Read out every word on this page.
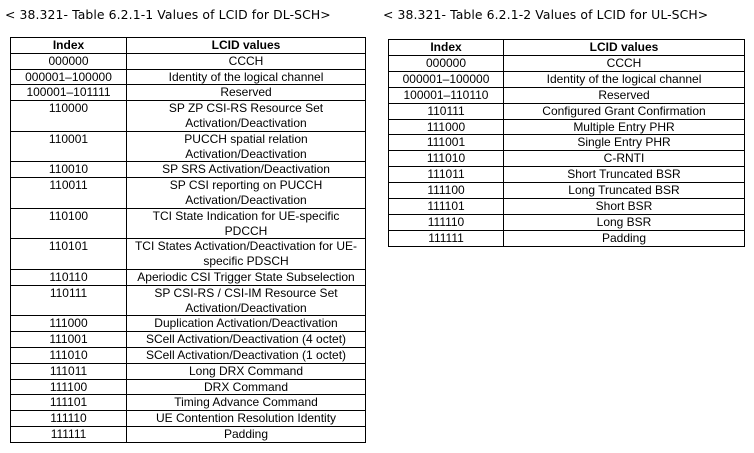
< 38.321- Table 6.2.1-1 Values of LCID for DL-SCH>
Index	LCID values
000000	CCCH
000001–100000	Identity of the logical channel
100001–101111	Reserved
110000	SP ZP CSI-RS Resource Set
Activation/Deactivation
110001	PUCCH spatial relation
Activation/Deactivation
110010	SP SRS Activation/Deactivation
110011	SP CSI reporting on PUCCH
Activation/Deactivation
110100	TCI State Indication for UE-specific
PDCCH
110101	TCI States Activation/Deactivation for UE-
specific PDSCH
110110	Aperiodic CSI Trigger State Subselection
110111	SP CSI-RS / CSI-IM Resource Set
Activation/Deactivation
111000	Duplication Activation/Deactivation
111001	SCell Activation/Deactivation (4 octet)
111010	SCell Activation/Deactivation (1 octet)
111011	Long DRX Command
111100	DRX Command
111101	Timing Advance Command
111110	UE Contention Resolution Identity
111111	Padding
< 38.321- Table 6.2.1-2 Values of LCID for UL-SCH>
Index	LCID values
000000	CCCH
000001–100000	Identity of the logical channel
100001–110110	Reserved
110111	Configured Grant Confirmation
111000	Multiple Entry PHR
111001	Single Entry PHR
111010	C-RNTI
111011	Short Truncated BSR
111100	Long Truncated BSR
111101	Short BSR
111110	Long BSR
111111	Padding
